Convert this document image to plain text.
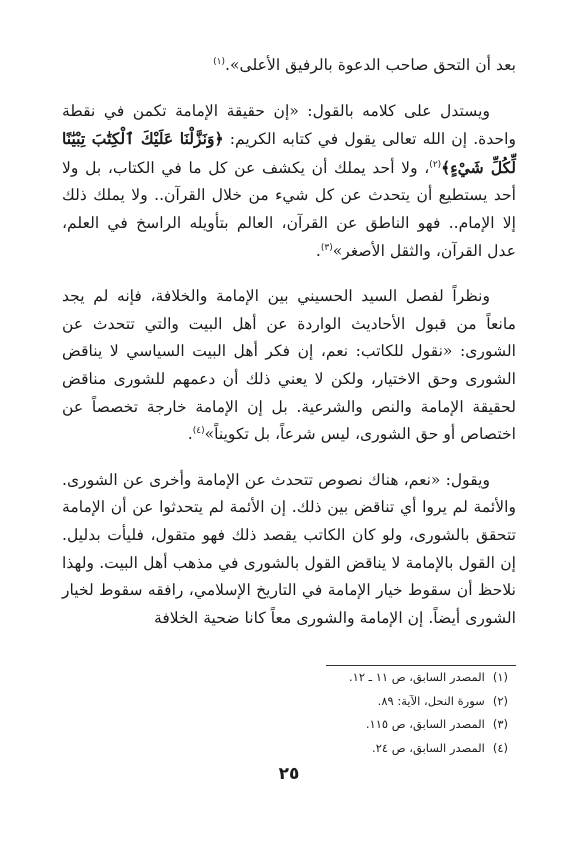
بعد أن التحق صاحب الدعوة بالرفيق الأعلى».$^{(١)}$

ويستدل على كلامه بالقول: «إن حقيقة الإمامة تكمن في نقطة واحدة. إن الله تعالى يقول في كتابه الكريم: ﴿وَنَزَّلْنَا عَلَيْكَ ٱلْكِتَٰبَ تِبْيَٰنًا لِّكُلِّ شَيْءٍ﴾$^{(٢)}$، ولا أحد يملك أن يكشف عن كل ما في الكتاب، بل ولا أحد يستطيع أن يتحدث عن كل شيء من خلال القرآن.. ولا يملك ذلك إلا الإمام.. فهو الناطق عن القرآن، العالم بتأويله الراسخ في العلم، عدل القرآن، والثقل الأصغر»$^{(٣)}$.

ونظراً لفصل السيد الحسيني بين الإمامة والخلافة، فإنه لم يجد مانعاً من قبول الأحاديث الواردة عن أهل البيت والتي تتحدث عن الشورى: «نقول للكاتب: نعم، إن فكر أهل البيت السياسي لا يناقض الشورى وحق الاختيار، ولكن لا يعني ذلك أن دعمهم للشورى مناقض لحقيقة الإمامة والنص والشرعية. بل إن الإمامة خارجة تخصصاً عن اختصاص أو حق الشورى، ليس شرعاً، بل تكويناً»$^{(٤)}$.

ويقول: «نعم، هناك نصوص تتحدث عن الإمامة وأخرى عن الشورى. والأئمة لم يروا أي تناقض بين ذلك. إن الأئمة لم يتحدثوا عن أن الإمامة تتحقق بالشورى، ولو كان الكاتب يقصد ذلك فهو متقول، فليأت بدليل. إن القول بالإمامة لا يناقض القول بالشورى في مذهب أهل البيت. ولهذا نلاحظ أن سقوط خيار الإمامة في التاريخ الإسلامي، رافقه سقوط لخيار الشورى أيضاً. إن الإمامة والشورى معاً كانا ضحية الخلافة

(١)المصدر السابق، ص ١١ ـ ١٢.
(٢)سورة النحل، الآية: ٨٩.
(٣)المصدر السابق، ص ١١٥.
(٤)المصدر السابق، ص ٢٤.
٢٥
